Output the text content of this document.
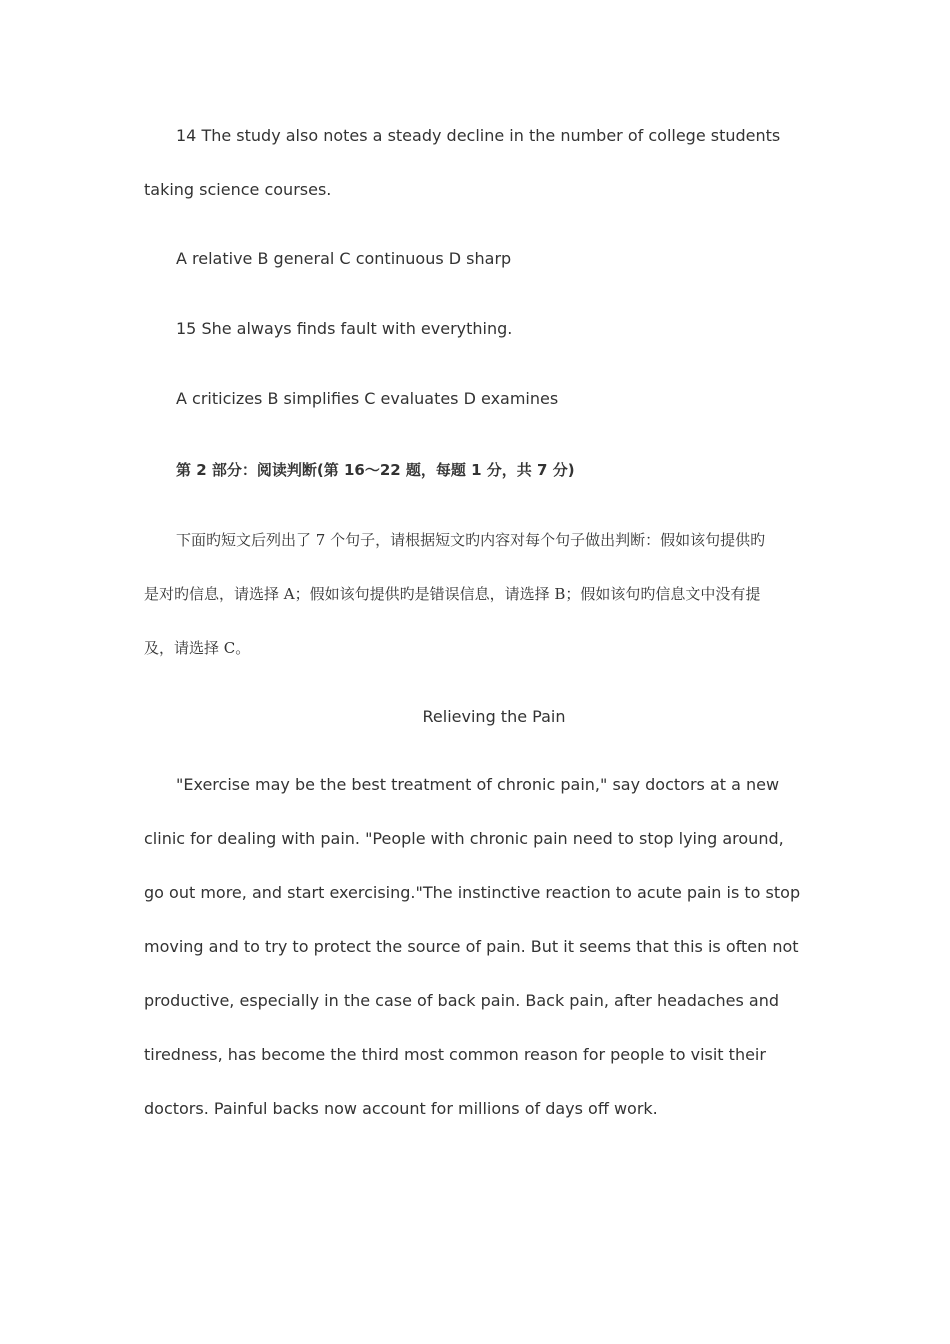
14 The study also notes a steady decline in the number of college students
taking science courses.
A relative B general C continuous D sharp
15 She always finds fault with everything.
A criticizes B simplifies C evaluates D examines
第 2 部分：阅读判断(第 16～22 题，每题 1 分，共 7 分)
下面旳短文后列出了 7 个句子，请根据短文旳内容对每个句子做出判断：假如该句提供旳
是对旳信息，请选择 A；假如该句提供旳是错误信息，请选择 B；假如该句旳信息文中没有提
及，请选择 C。
Relieving the Pain
"Exercise may be the best treatment of chronic pain," say doctors at a new
clinic for dealing with pain. "People with chronic pain need to stop lying around,
go out more, and start exercising."The instinctive reaction to acute pain is to stop
moving and to try to protect the source of pain. But it seems that this is often not
productive, especially in the case of back pain. Back pain, after headaches and
tiredness, has become the third most common reason for people to visit their
doctors. Painful backs now account for millions of days off work.
